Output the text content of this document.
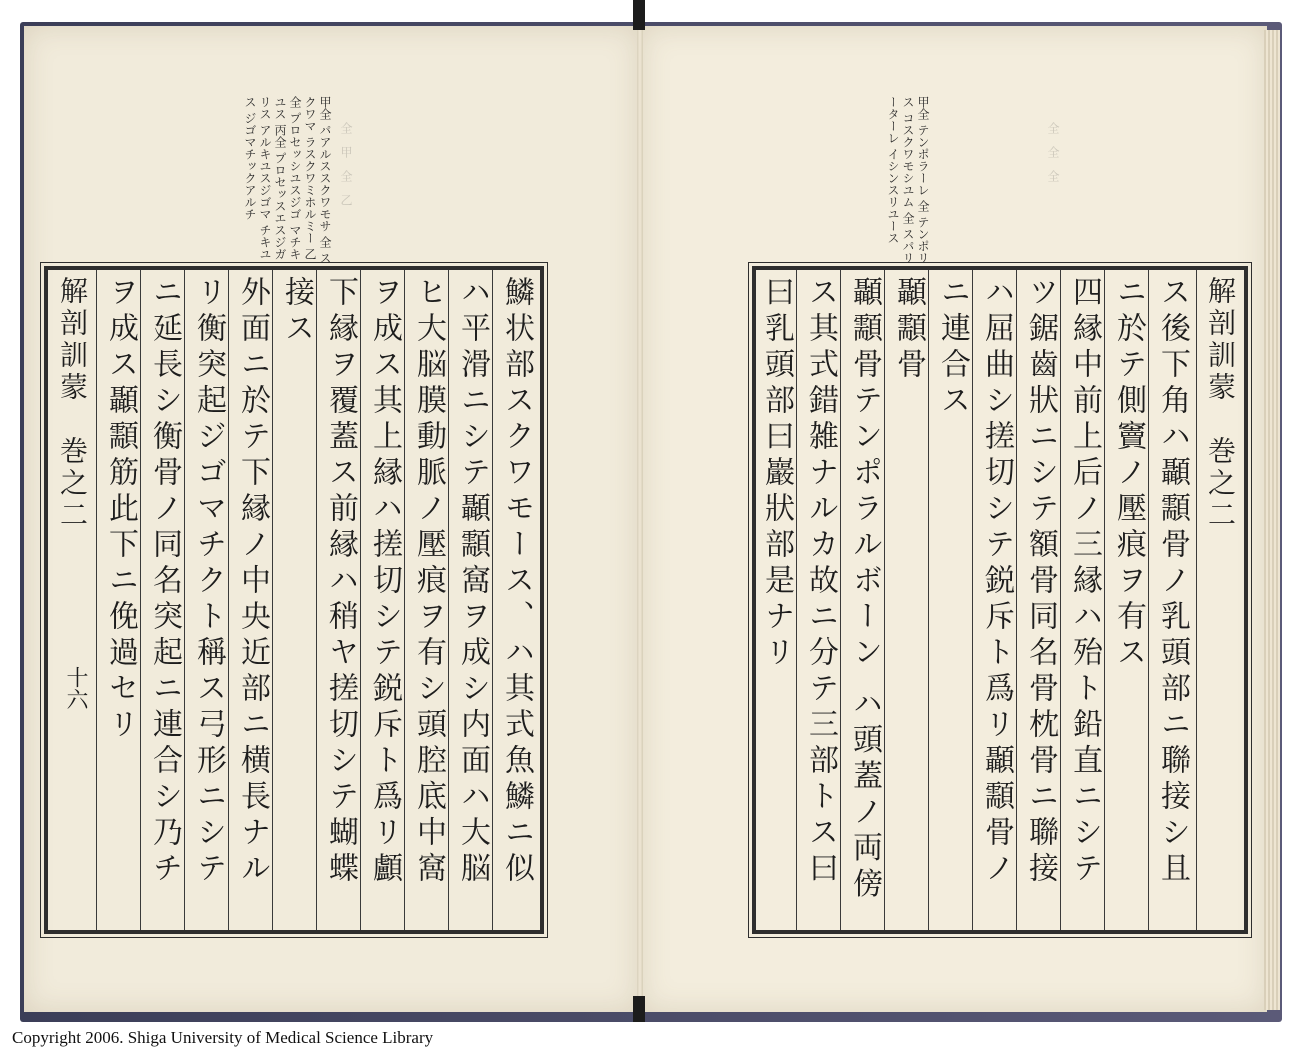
全　甲　全　乙
甲全 パアルススクワモサ 全 スクワマ ラスクワミホルミー 乙全 プロセッシユスジゴ マチキユス 丙全 プロセッスエスジガリス アルキユスジゴマ チキユス ジゴマチックアルチ
鱗状部スクワモース、ハ其式魚鱗ニ似
ハ平滑ニシテ顳顬窩ヲ成シ内面ハ大脳
ヒ大脳膜動脈ノ壓痕ヲ有シ頭腔底中窩
ヲ成ス其上縁ハ搓切シテ鋭斥ト爲リ顱
下縁ヲ覆蓋ス前縁ハ稍ヤ搓切シテ蝴蝶
接ス
外面ニ於テ下縁ノ中央近部ニ横長ナル
リ衡突起ジゴマチクト稱ス弓形ニシテ
ニ延長シ衡骨ノ同名突起ニ連合シ乃チ
ヲ成ス顳顬筋此下ニ俛過セリ
解剖訓蒙　巻之二
十六
全　全　全
甲全 テンポラーレ 全 テンポリス コスクワモシユム 全 スパリーターレ イシンスリユース
解剖訓蒙　巻之二
ス後下角ハ顳顬骨ノ乳頭部ニ聯接シ且
ニ於テ側竇ノ壓痕ヲ有ス
四縁中前上后ノ三縁ハ殆ト鉛直ニシテ
ツ鋸齒狀ニシテ額骨同名骨枕骨ニ聯接
ハ屈曲シ搓切シテ鋭斥ト爲リ顳顬骨ノ
ニ連合ス
顳顬骨
顳顬骨テンポラルボーン ハ頭蓋ノ両傍
ス其式錯雑ナルカ故ニ分テ三部トス曰
曰乳頭部曰巖狀部是ナリ
Copyright 2006. Shiga University of Medical Science Library
